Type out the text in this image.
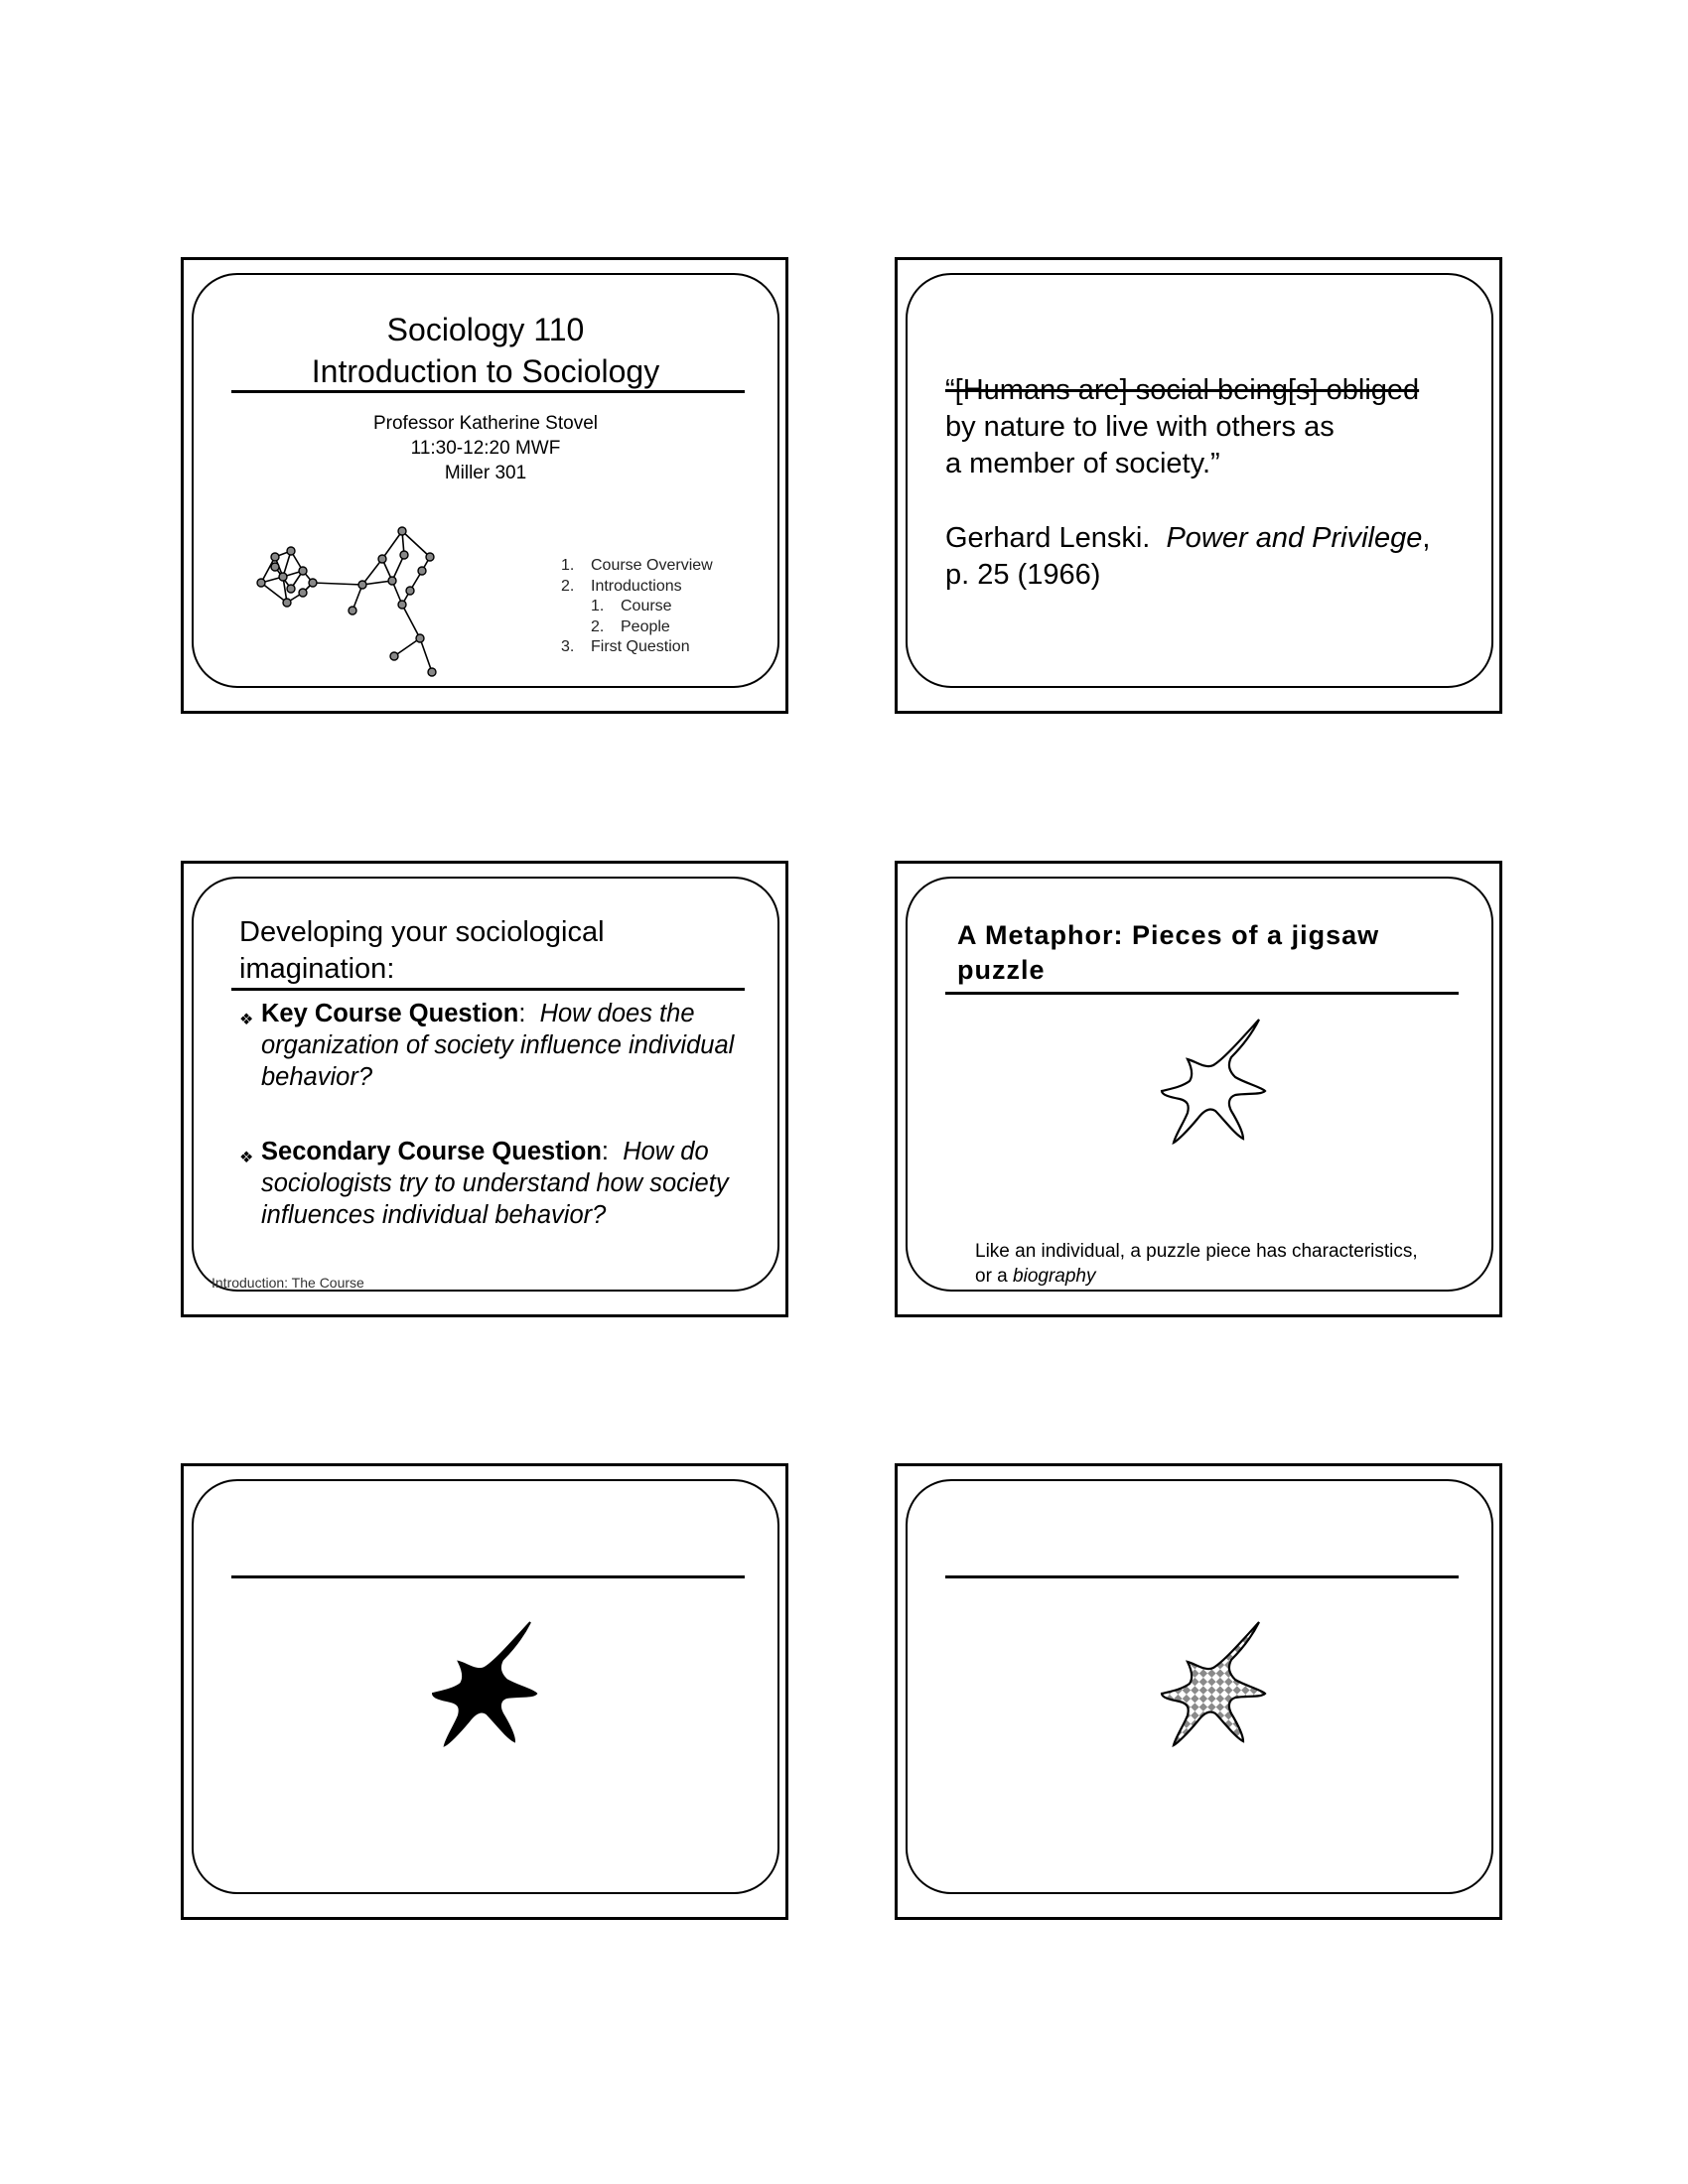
Sociology 110
Introduction to Sociology
Professor Katherine Stovel
11:30-12:20 MWF
Miller 301
1. Course Overview
2. Introductions
1. Course
2. People
3. First Question
“[Humans are] social being[s] obliged
by nature to live with others as
a member of society.”
Gerhard Lenski. Power and Privilege,
p. 25 (1966)
Developing your sociological
imagination:
❖ Key Course Question: How does the organization of society influence individual behavior?
❖ Secondary Course Question: How do sociologists try to understand how society influences individual behavior?
Introduction: The Course
A Metaphor: Pieces of a jigsaw
puzzle
Like an individual, a puzzle piece has characteristics,
or a biography
